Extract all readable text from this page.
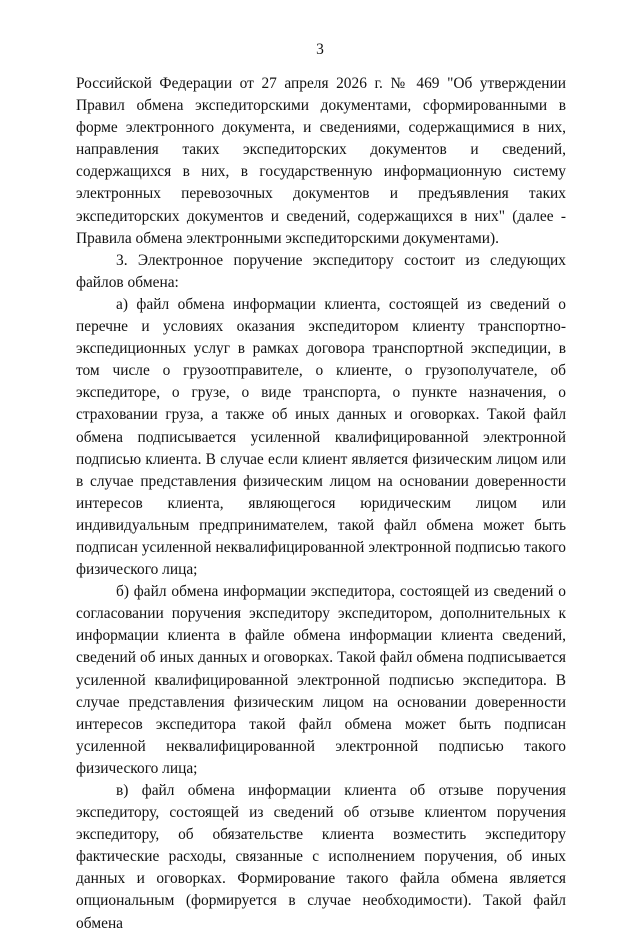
3

Российской Федерации от 27 апреля 2026 г. № 469 "Об утверждении Правил обмена экспедиторскими документами, сформированными в форме электронного документа, и сведениями, содержащимися в них, направления таких экспедиторских документов и сведений, содержащихся в них, в государственную информационную систему электронных перевозочных документов и предъявления таких экспедиторских документов и сведений, содержащихся в них" (далее - Правила обмена электронными экспедиторскими документами).

3. Электронное поручение экспедитору состоит из следующих файлов обмена:

а) файл обмена информации клиента, состоящей из сведений о перечне и условиях оказания экспедитором клиенту транспортно-экспедиционных услуг в рамках договора транспортной экспедиции, в том числе о грузоотправителе, о клиенте, о грузополучателе, об экспедиторе, о грузе, о виде транспорта, о пункте назначения, о страховании груза, а также об иных данных и оговорках. Такой файл обмена подписывается усиленной квалифицированной электронной подписью клиента. В случае если клиент является физическим лицом или в случае представления физическим лицом на основании доверенности интересов клиента, являющегося юридическим лицом или индивидуальным предпринимателем, такой файл обмена может быть подписан усиленной неквалифицированной электронной подписью такого физического лица;

б) файл обмена информации экспедитора, состоящей из сведений о согласовании поручения экспедитору экспедитором, дополнительных к информации клиента в файле обмена информации клиента сведений, сведений об иных данных и оговорках. Такой файл обмена подписывается усиленной квалифицированной электронной подписью экспедитора. В случае представления физическим лицом на основании доверенности интересов экспедитора такой файл обмена может быть подписан усиленной неквалифицированной электронной подписью такого физического лица;

в) файл обмена информации клиента об отзыве поручения экспедитору, состоящей из сведений об отзыве клиентом поручения экспедитору, об обязательстве клиента возместить экспедитору фактические расходы, связанные с исполнением поручения, об иных данных и оговорках. Формирование такого файла обмена является опциональным (формируется в случае необходимости). Такой файл обмена
